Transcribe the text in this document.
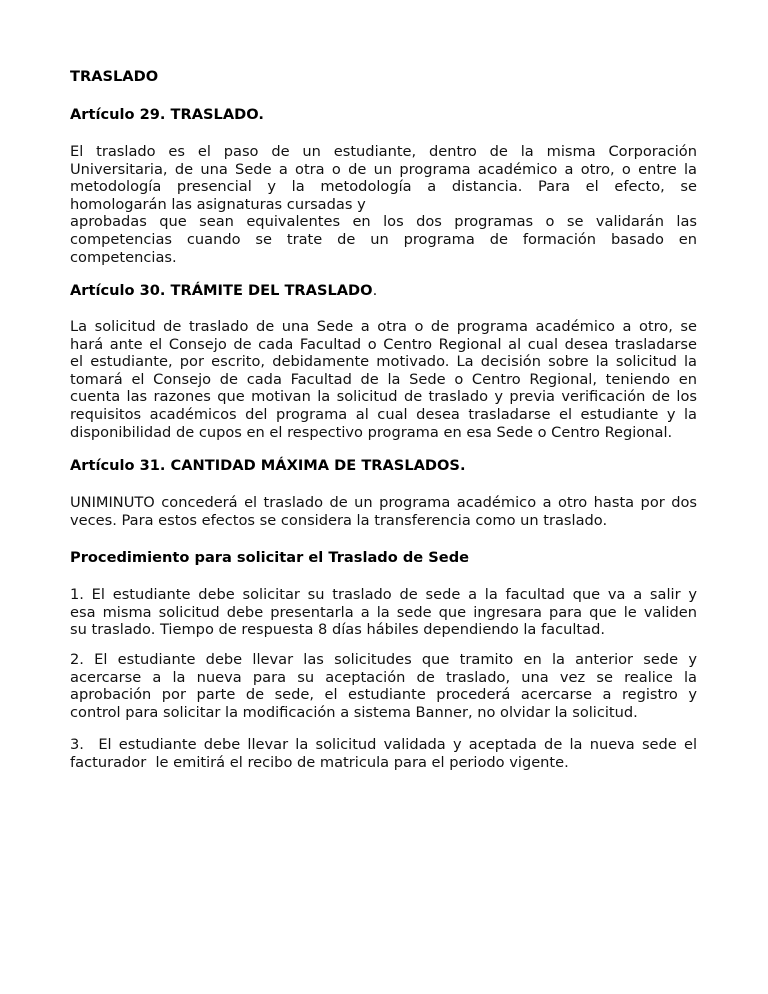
TRASLADO
Artículo 29. TRASLADO.
El traslado es el paso de un estudiante, dentro de la misma Corporación
Universitaria, de una Sede a otra o de un programa académico a otro, o entre la
metodología presencial y la metodología a distancia. Para el efecto, se
homologarán las asignaturas cursadas y
aprobadas que sean equivalentes en los dos programas o se validarán las
competencias cuando se trate de un programa de formación basado en
competencias.
Artículo 30. TRÁMITE DEL TRASLADO.
La solicitud de traslado de una Sede a otra o de programa académico a otro, se
hará ante el Consejo de cada Facultad o Centro Regional al cual desea trasladarse
el estudiante, por escrito, debidamente motivado. La decisión sobre la solicitud la
tomará el Consejo de cada Facultad de la Sede o Centro Regional, teniendo en
cuenta las razones que motivan la solicitud de traslado y previa verificación de los
requisitos académicos del programa al cual desea trasladarse el estudiante y la
disponibilidad de cupos en el respectivo programa en esa Sede o Centro Regional.
Artículo 31. CANTIDAD MÁXIMA DE TRASLADOS.
UNIMINUTO concederá el traslado de un programa académico a otro hasta por dos
veces. Para estos efectos se considera la transferencia como un traslado.
Procedimiento para solicitar el Traslado de Sede
1. El estudiante debe solicitar su traslado de sede a la facultad que va a salir y
esa misma solicitud debe presentarla a la sede que ingresara para que le validen
su traslado. Tiempo de respuesta 8 días hábiles dependiendo la facultad.
2. El estudiante debe llevar las solicitudes que tramito en la anterior sede y
acercarse a la nueva para su aceptación de traslado, una vez se realice la
aprobación por parte de sede, el estudiante procederá acercarse a registro y
control para solicitar la modificación a sistema Banner, no olvidar la solicitud.
3.  El estudiante debe llevar la solicitud validada y aceptada de la nueva sede el
facturador  le emitirá el recibo de matricula para el periodo vigente.
